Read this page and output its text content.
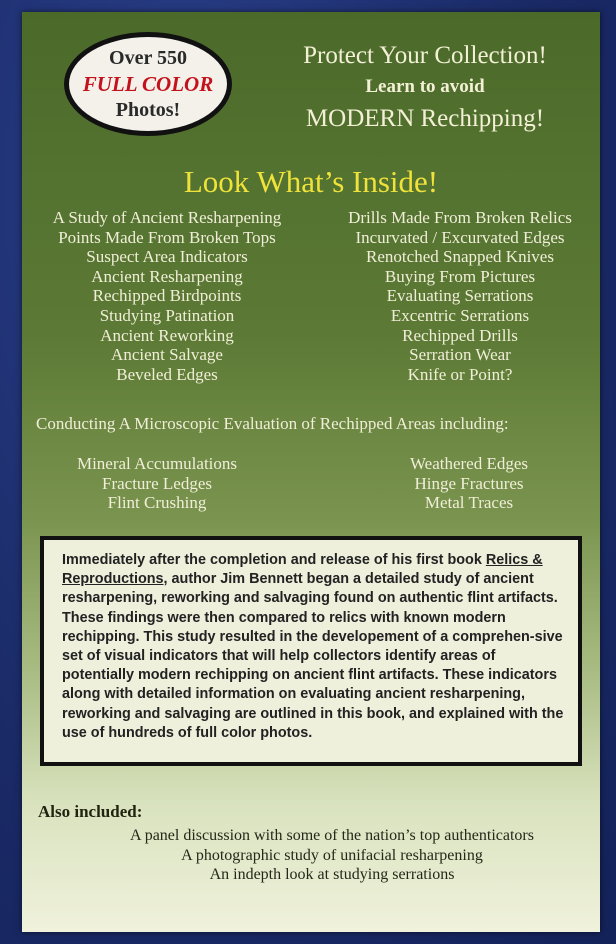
Over 550
FULL COLOR
Photos!
Protect Your Collection!
Learn to avoid
MODERN Rechipping!
Look What’s Inside!
A Study of Ancient Resharpening
Points Made From Broken Tops
Suspect Area Indicators
Ancient Resharpening
Rechipped Birdpoints
Studying Patination
Ancient Reworking
Ancient Salvage
Beveled Edges
Drills Made From Broken Relics
Incurvated / Excurvated Edges
Renotched Snapped Knives
Buying From Pictures
Evaluating Serrations
Excentric Serrations
Rechipped Drills
Serration Wear
Knife or Point?
Conducting A Microscopic Evaluation of Rechipped Areas including:
Mineral Accumulations
Fracture Ledges
Flint Crushing
Weathered Edges
Hinge Fractures
Metal Traces
Immediately after the completion and release of his first book Relics & Reproductions, author Jim Bennett began a detailed study of ancient resharpening, reworking and salvaging found on authentic flint artifacts. These findings were then compared to relics with known modern rechipping. This study resulted in the developement of a comprehen-sive set of visual indicators that will help collectors identify areas of potentially modern rechipping on ancient flint artifacts. These indicators along with detailed information on evaluating ancient resharpening, reworking and salvaging are outlined in this book, and explained with the use of hundreds of full color photos.
Also included:
A panel discussion with some of the nation’s top authenticators
A photographic study of unifacial resharpening
An indepth look at studying serrations
